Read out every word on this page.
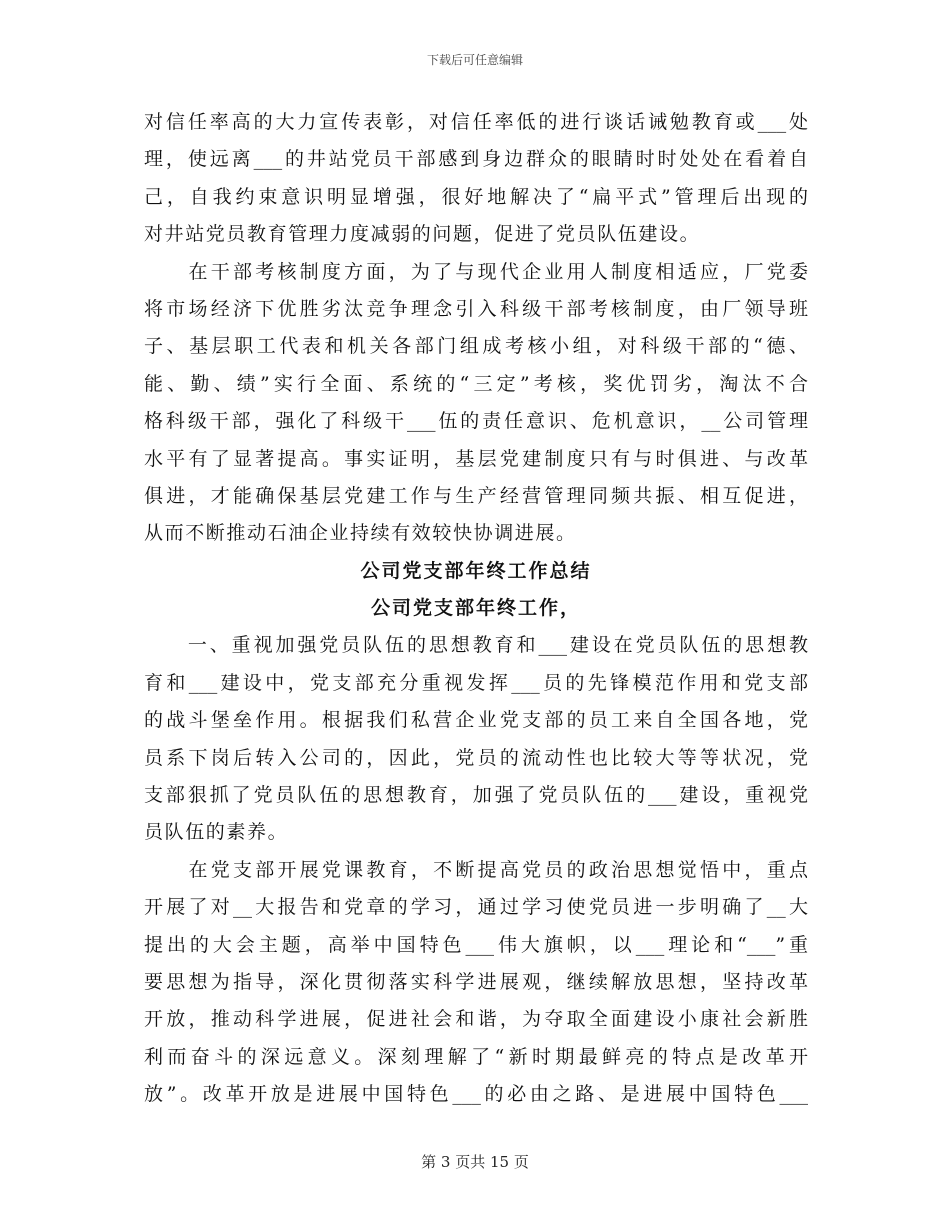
下载后可任意编辑
对信任率高的大力宣传表彰，对信任率低的进行谈话诫勉教育或___处
理，使远离___的井站党员干部感到身边群众的眼睛时时处处在看着自
己，自我约束意识明显增强，很好地解决了“扁平式”管理后出现的
对井站党员教育管理力度减弱的问题，促进了党员队伍建设。
　　在干部考核制度方面，为了与现代企业用人制度相适应，厂党委
将市场经济下优胜劣汰竞争理念引入科级干部考核制度，由厂领导班
子、基层职工代表和机关各部门组成考核小组，对科级干部的“德、
能、勤、绩”实行全面、系统的“三定”考核，奖优罚劣，淘汰不合
格科级干部，强化了科级干___伍的责任意识、危机意识，__公司管理
水平有了显著提高。事实证明，基层党建制度只有与时俱进、与改革
俱进，才能确保基层党建工作与生产经营管理同频共振、相互促进，
从而不断推动石油企业持续有效较快协调进展。
公司党支部年终工作总结
公司党支部年终工作，
　　一、重视加强党员队伍的思想教育和___建设在党员队伍的思想教
育和___建设中，党支部充分重视发挥___员的先锋模范作用和党支部
的战斗堡垒作用。根据我们私营企业党支部的员工来自全国各地，党
员系下岗后转入公司的，因此，党员的流动性也比较大等等状况，党
支部狠抓了党员队伍的思想教育，加强了党员队伍的___建设，重视党
员队伍的素养。
　　在党支部开展党课教育，不断提高党员的政治思想觉悟中，重点
开展了对__大报告和党章的学习，通过学习使党员进一步明确了__大
提出的大会主题，高举中国特色___伟大旗帜，以___理论和“___”重
要思想为指导，深化贯彻落实科学进展观，继续解放思想，坚持改革
开放，推动科学进展，促进社会和谐，为夺取全面建设小康社会新胜
利而奋斗的深远意义。深刻理解了“新时期最鲜亮的特点是改革开
放”。改革开放是进展中国特色___的必由之路、是进展中国特色___
第 3 页共 15 页
